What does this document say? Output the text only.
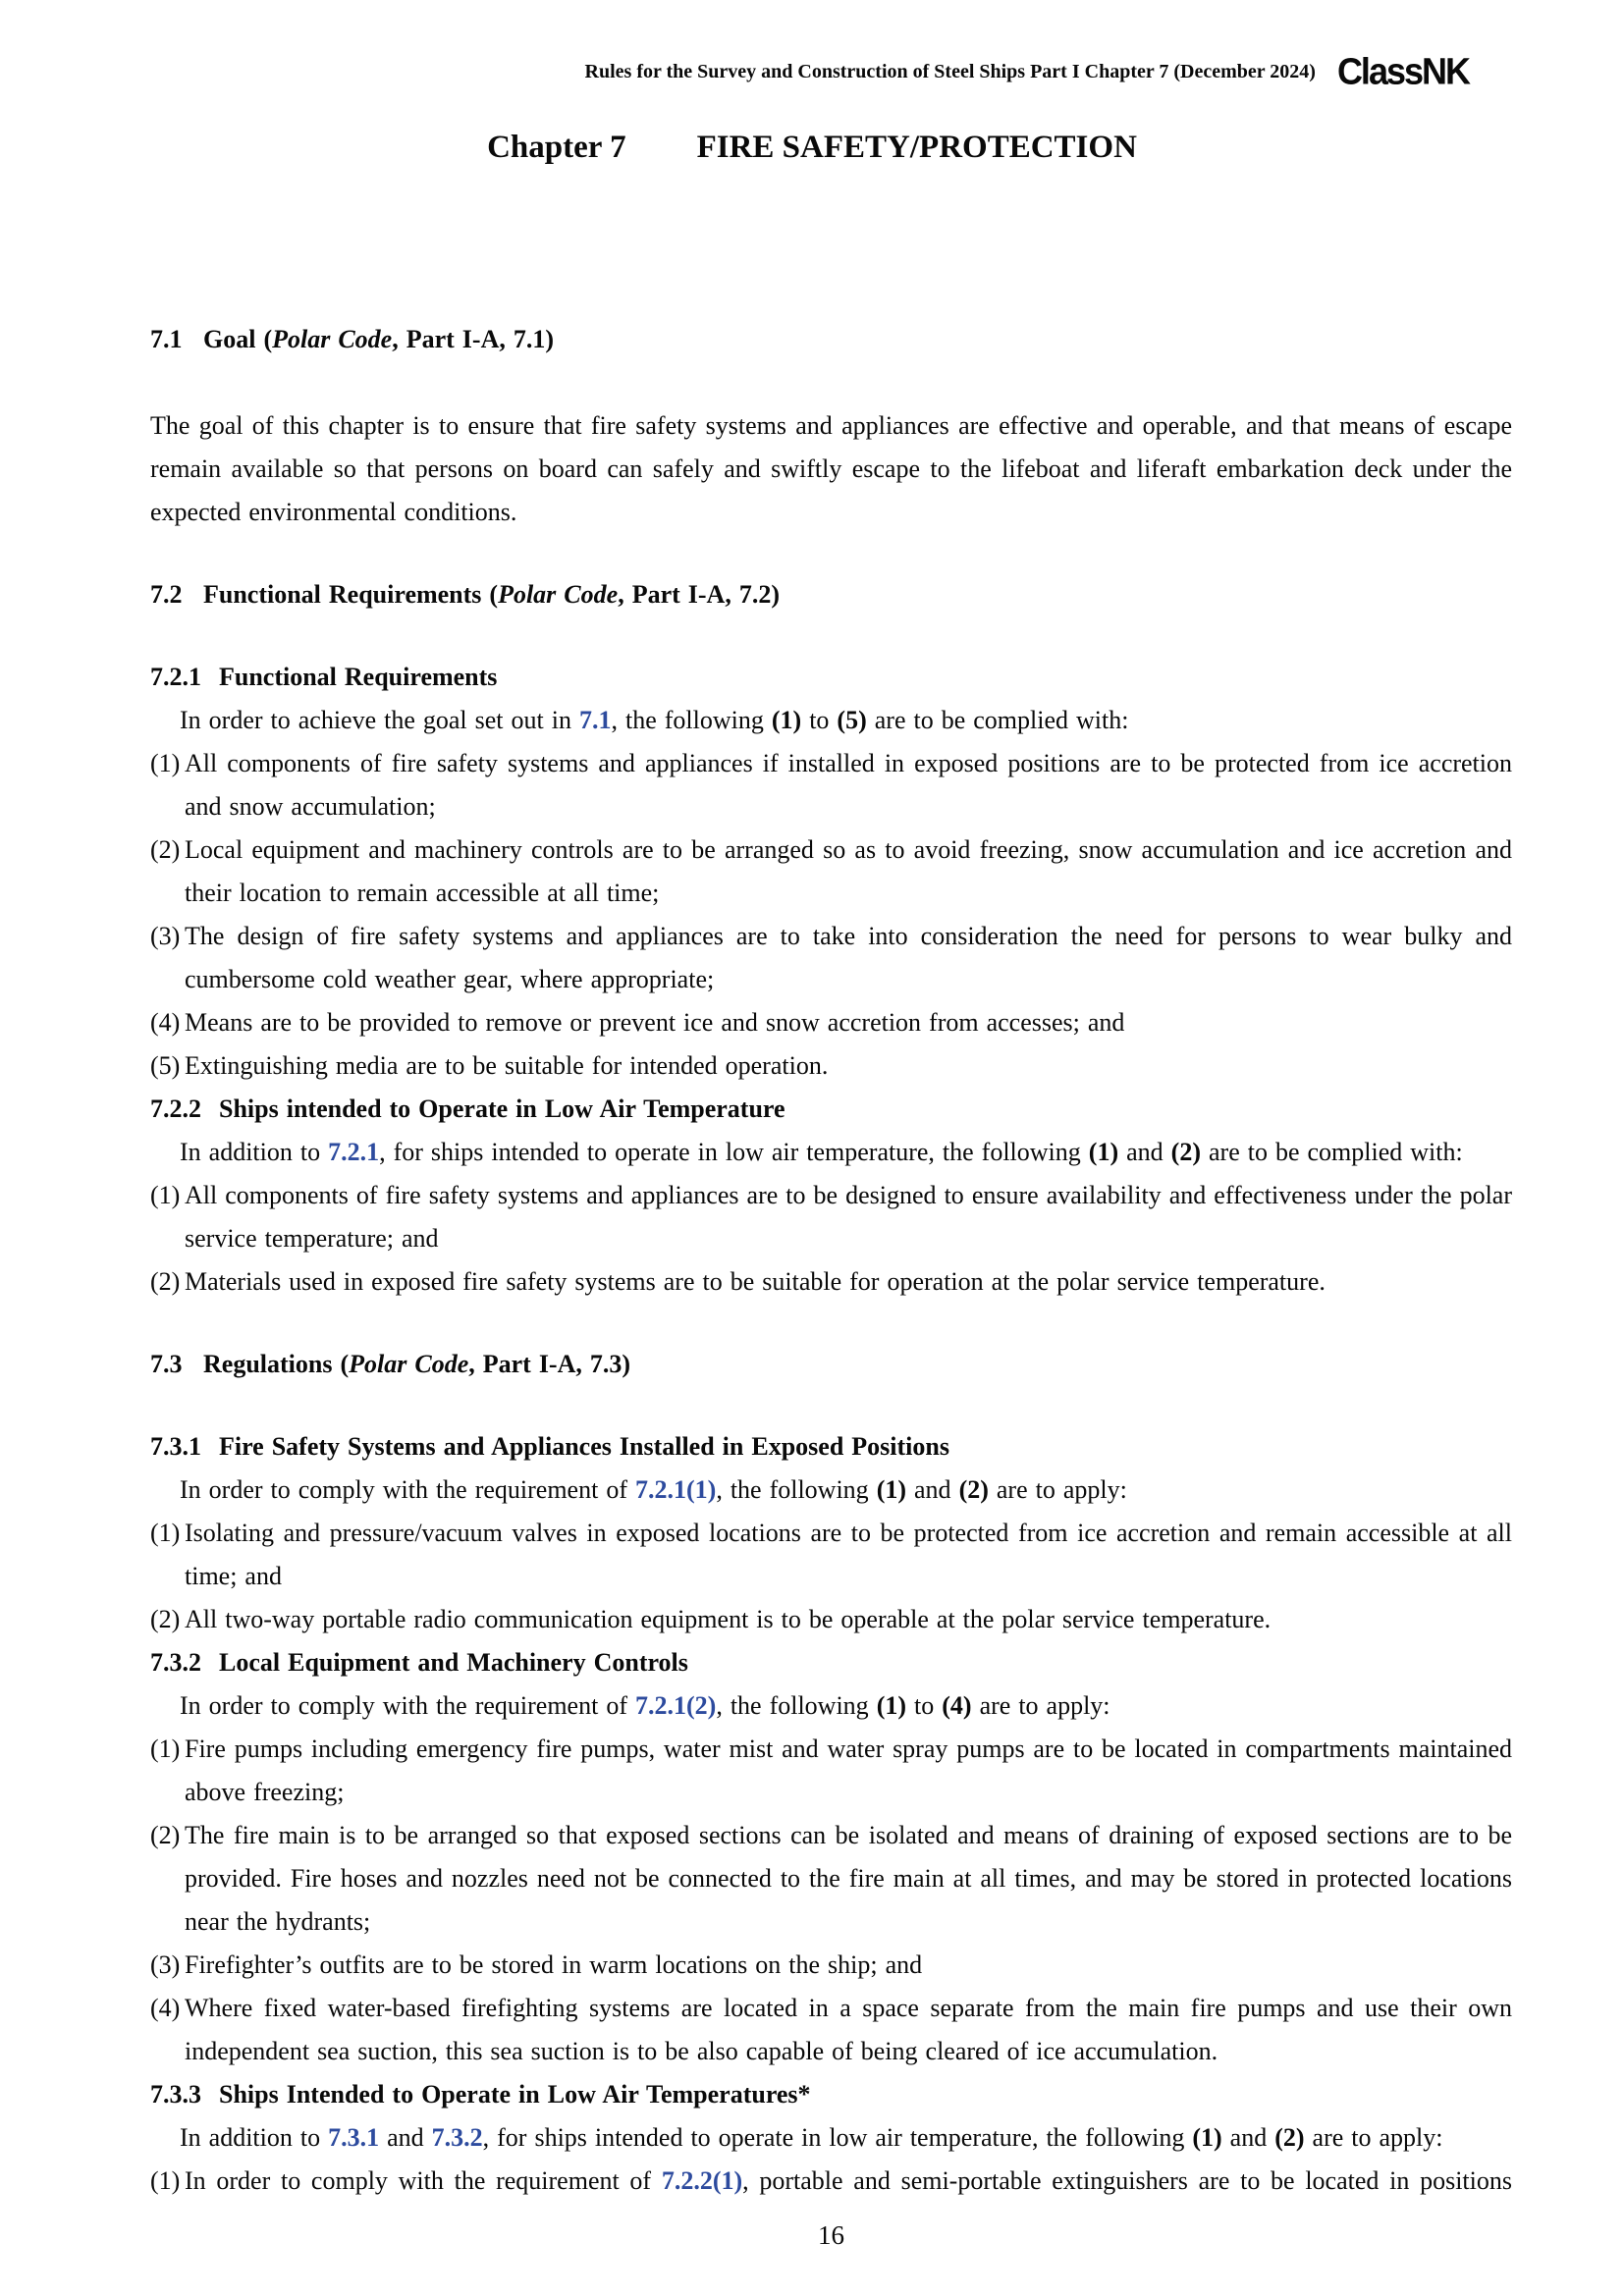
Rules for the Survey and Construction of Steel Ships Part I Chapter 7 (December 2024) ClassNK
Chapter 7 FIRE SAFETY/PROTECTION
7.1 Goal (Polar Code, Part I-A, 7.1)

The goal of this chapter is to ensure that fire safety systems and appliances are effective and operable, and that means of escape remain available so that persons on board can safely and swiftly escape to the lifeboat and liferaft embarkation deck under the expected environmental conditions.

7.2 Functional Requirements (Polar Code, Part I-A, 7.2)
7.2.1 Functional Requirements

In order to achieve the goal set out in 7.1, the following (1) to (5) are to be complied with:

(1) All components of fire safety systems and appliances if installed in exposed positions are to be protected from ice accretion and snow accumulation;
(2) Local equipment and machinery controls are to be arranged so as to avoid freezing, snow accumulation and ice accretion and their location to remain accessible at all time;
(3) The design of fire safety systems and appliances are to take into consideration the need for persons to wear bulky and cumbersome cold weather gear, where appropriate;
(4) Means are to be provided to remove or prevent ice and snow accretion from accesses; and
(5) Extinguishing media are to be suitable for intended operation.
7.2.2 Ships intended to Operate in Low Air Temperature

In addition to 7.2.1, for ships intended to operate in low air temperature, the following (1) and (2) are to be complied with:

(1) All components of fire safety systems and appliances are to be designed to ensure availability and effectiveness under the polar service temperature; and
(2) Materials used in exposed fire safety systems are to be suitable for operation at the polar service temperature.
7.3 Regulations (Polar Code, Part I-A, 7.3)
7.3.1 Fire Safety Systems and Appliances Installed in Exposed Positions

In order to comply with the requirement of 7.2.1(1), the following (1) and (2) are to apply:

(1) Isolating and pressure/vacuum valves in exposed locations are to be protected from ice accretion and remain accessible at all time; and
(2) All two-way portable radio communication equipment is to be operable at the polar service temperature.
7.3.2 Local Equipment and Machinery Controls

In order to comply with the requirement of 7.2.1(2), the following (1) to (4) are to apply:

(1) Fire pumps including emergency fire pumps, water mist and water spray pumps are to be located in compartments maintained above freezing;
(2) The fire main is to be arranged so that exposed sections can be isolated and means of draining of exposed sections are to be provided. Fire hoses and nozzles need not be connected to the fire main at all times, and may be stored in protected locations near the hydrants;
(3) Firefighter’s outfits are to be stored in warm locations on the ship; and
(4) Where fixed water-based firefighting systems are located in a space separate from the main fire pumps and use their own independent sea suction, this sea suction is to be also capable of being cleared of ice accumulation.
7.3.3 Ships Intended to Operate in Low Air Temperatures*

In addition to 7.3.1 and 7.3.2, for ships intended to operate in low air temperature, the following (1) and (2) are to apply:

(1) In order to comply with the requirement of 7.2.2(1), portable and semi-portable extinguishers are to be located in positions
16
